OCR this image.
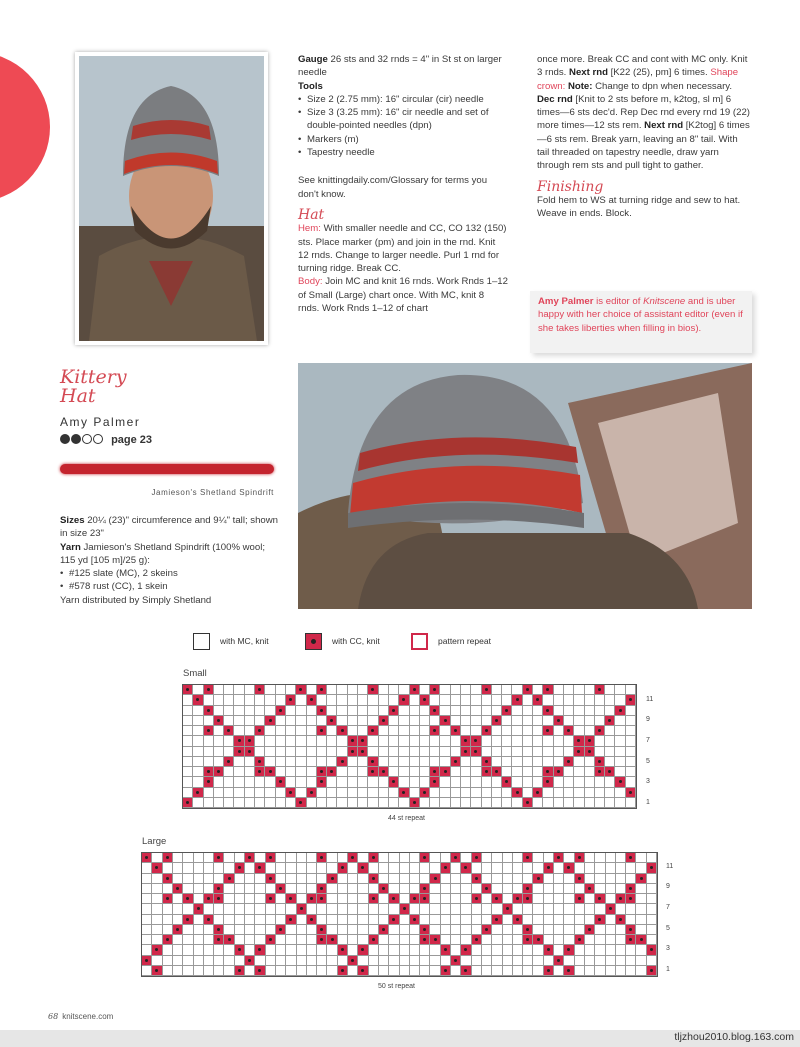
Gauge 26 sts and 32 rnds = 4" in St st on larger needle
Tools
• Size 2 (2.75 mm): 16" circular (cir) needle
• Size 3 (3.25 mm): 16" cir needle and set of double-pointed needles (dpn)
• Markers (m)
• Tapestry needle
See knittingdaily.com/Glossary for terms you don't know.
Hat
Hem: With smaller needle and CC, CO 132 (150) sts. Place marker (pm) and join in the rnd. Knit 12 rnds. Change to larger needle. Purl 1 rnd for turning ridge. Break CC.
Body: Join MC and knit 16 rnds. Work Rnds 1–12 of Small (Large) chart once. With MC, knit 8 rnds. Work Rnds 1–12 of chart
once more. Break CC and cont with MC only. Knit 3 rnds. Next rnd [K22 (25), pm] 6 times. Shape crown: Note: Change to dpn when necessary. Dec rnd [Knit to 2 sts before m, k2tog, sl m] 6 times—6 sts dec'd. Rep Dec rnd every rnd 19 (22) more times—12 sts rem. Next rnd [K2tog] 6 times—6 sts rem. Break yarn, leaving an 8" tail. With tail threaded on tapestry needle, draw yarn through rem sts and pull tight to gather.
Finishing
Fold hem to WS at turning ridge and sew to hat. Weave in ends. Block.
Amy Palmer is editor of Knitscene and is uber happy with her choice of assistant editor (even if she takes liberties when filling in bios).
Kittery
Hat
Amy Palmer
page 23
Jamieson's Shetland Spindrift
Sizes 20¼ (23)" circumference and 9¼" tall; shown in size 23"
Yarn Jamieson's Shetland Spindrift (100% wool; 115 yd [105 m]/25 g):
• #125 slate (MC), 2 skeins
• #578 rust (CC), 1 skein
Yarn distributed by Simply Shetland
with MC, knit	with CC, knit	pattern repeat
Small
11
9
7
5
3
1
44 st repeat
Large
11
9
7
5
3
1
50 st repeat
68 knitscene.com
tljzhou2010.blog.163.com
